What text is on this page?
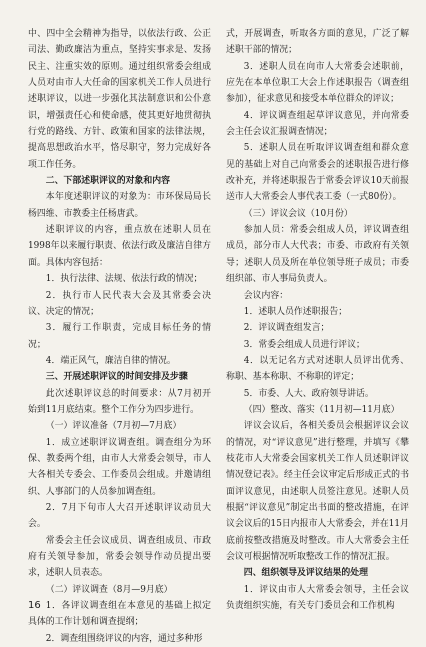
中、四中全会精神为指导，以依法行政、公正司法、勤政廉洁为重点，坚持实事求是、发扬民主、注重实效的原则。通过组织常委会组成人员对由市人大任命的国家机关工作人员进行述职评议，以进一步强化其法制意识和公仆意识，增强责任心和使命感，使其更好地贯彻执行党的路线、方针、政策和国家的法律法规，提高思想政治水平，恪尽职守，努力完成好各项工作任务。

二、下部述职评议的对象和内容

本年度述职评议的对象为：市环保局局长杨四维、市教委主任杨唐武。

述职评议的内容，重点放在述职人员在1998年以来履行职责、依法行政及廉洁自律方面。具体内容包括：

1．执行法律、法规、依法行政的情况；

2．执行市人民代表大会及其常委会决议、决定的情况；

3．履行工作职责，完成目标任务的情况；

4．端正风气，廉洁自律的情况。

三、开展述职评议的时间安排及步骤

此次述职评议总的时间要求：从7月初开始到11月底结束。整个工作分为四步进行。

（一）评议准备（7月初—7月底）

1．成立述职评议调查组。调查组分为环保、教委两个组，由市人大常委会领导，市人大各相关专委会、工作委员会组成。并邀请组织、人事部门的人员参加调查组。

2．7月下旬市人大召开述职评议动员大会。

常委会主任会议成员、调查组成员、市政府有关领导参加，常委会领导作动员提出要求，述职人员表态。

（二）评议调查（8月—9月底）

1．各评议调查组在本意见的基础上拟定具体的工作计划和调查提纲；

2．调查组围绕评议的内容，通过多种形

式，开展调查，听取各方面的意见，广泛了解述职干部的情况；

3．述职人员在向市人大常委会述职前，应先在本单位职工大会上作述职报告（调查组参加），征求意见和接受本单位群众的评议；

4．评议调查组起草评议意见，并向常委会主任会议汇报调查情况；

5．述职人员在听取评议调查组和群众意见的基础上对自己向常委会的述职报告进行修改补充，并将述职报告于常委会评议10天前报送市人大常委会人事代表工委（一式80份）。

（三）评议会议（10月份）

参加人员：常委会组成人员，评议调查组成员，部分市人大代表；市委、市政府有关领导；述职人员及所在单位领导班子成员；市委组织部、市人事局负责人。

会议内容：

1．述职人员作述职报告；

2．评议调查组发言；

3．常委会组成人员进行评议；

4．以无记名方式对述职人员评出优秀、称职、基本称职、不称职的评定；

5．市委、人大、政府领导讲话。

（四）整改、落实（11月初—11月底）

评议会议后，各相关委员会根据评议会议的情况，对“评议意见”进行整理，并填写《攀枝花市人大常委会国家机关工作人员述职评议情况登记表》。经主任会议审定后形成正式的书面评议意见，由述职人员签注意见。述职人员根据“评议意见”制定出书面的整改措施，在评议会议后的15日内报市人大常委会，并在11月底前按整改措施及时整改。市人大常委会主任会议可根据情况听取整改工作的情况汇报。

四、组织领导及评议结果的处理

1．评议由市人大常委会领导，主任会议负责组织实施，有关专门委员会和工作机构

16
